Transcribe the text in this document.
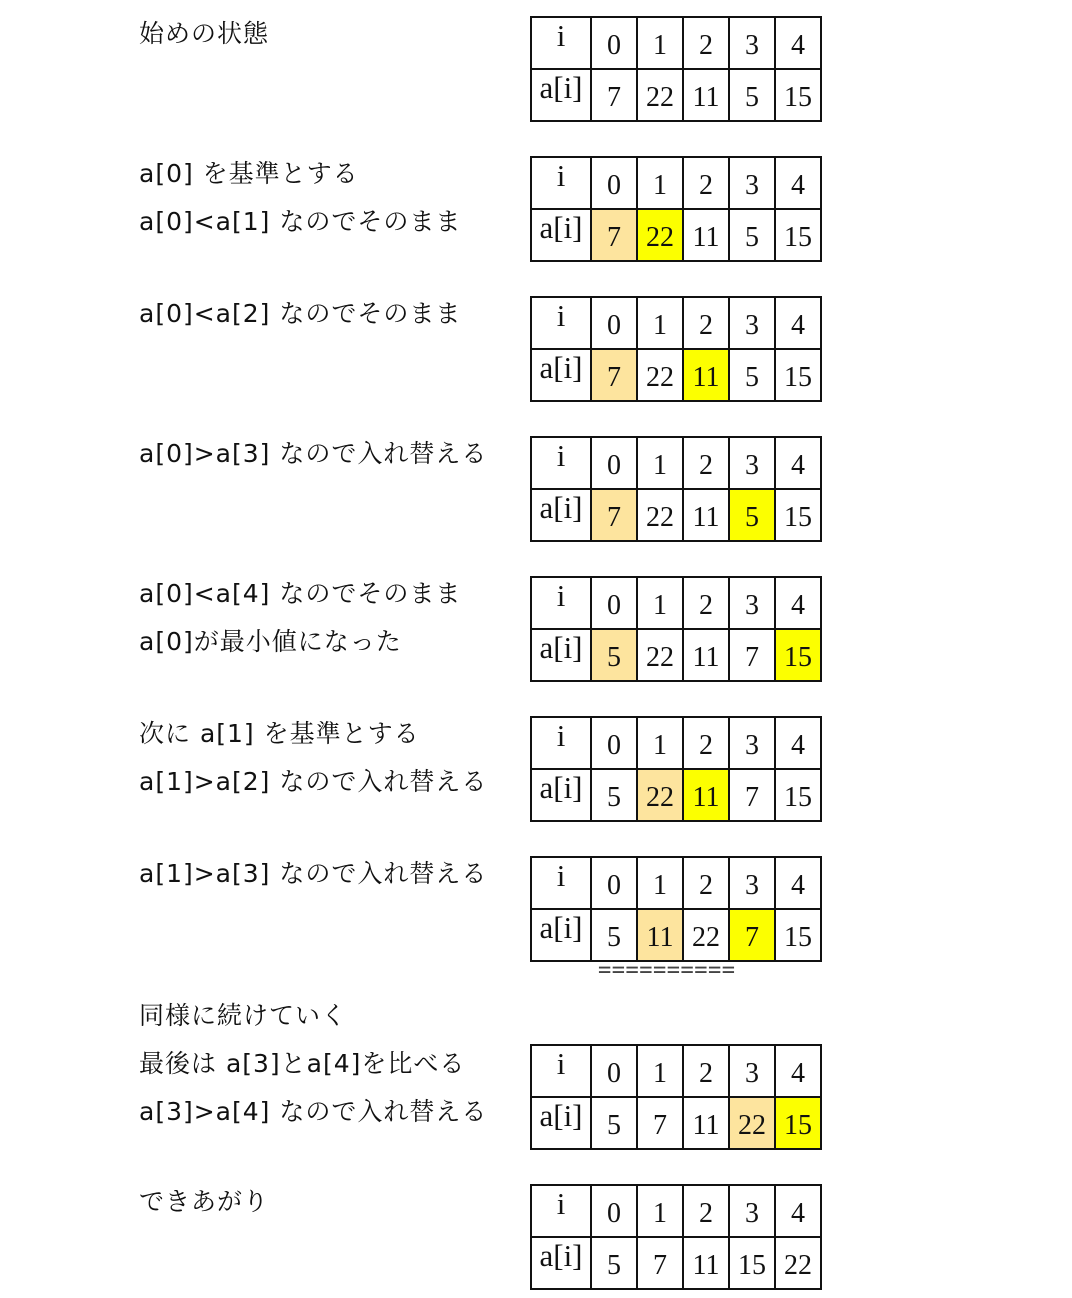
始めの状態	i	0	1	2	3	4
a[i]	7	22	11	5	15
a[0] を基準とする
a[0]<a[1] なのでそのまま
i	0	1	2	3	4
a[i]	7	22	11	5	15
a[0]<a[2] なのでそのまま	i	0	1	2	3	4
a[i]	7	22	11	5	15
a[0]>a[3] なので入れ替える i	0	1	2	3	4
a[i]	7	22	11	5	15
a[0]<a[4] なのでそのまま
a[0]が最小値になった
i	0	1	2	3	4
a[i]	5	22	11	7	15
次に a[1] を基準とする
a[1]>a[2] なので入れ替える
i	0	1	2	3	4
a[i]	5	22	11	7	15
a[1]>a[3] なので入れ替える i	0	1	2	3	4
a[i]	5	11	22	7	15
==========
同様に続けていく
最後は a[3]とa[4]を比べる
a[3]>a[4] なので入れ替える
i	0	1	2	3	4
a[i]	5	7	11	22	15
できあがり	i	0	1	2	3	4
a[i]	5	7	11	15	22
